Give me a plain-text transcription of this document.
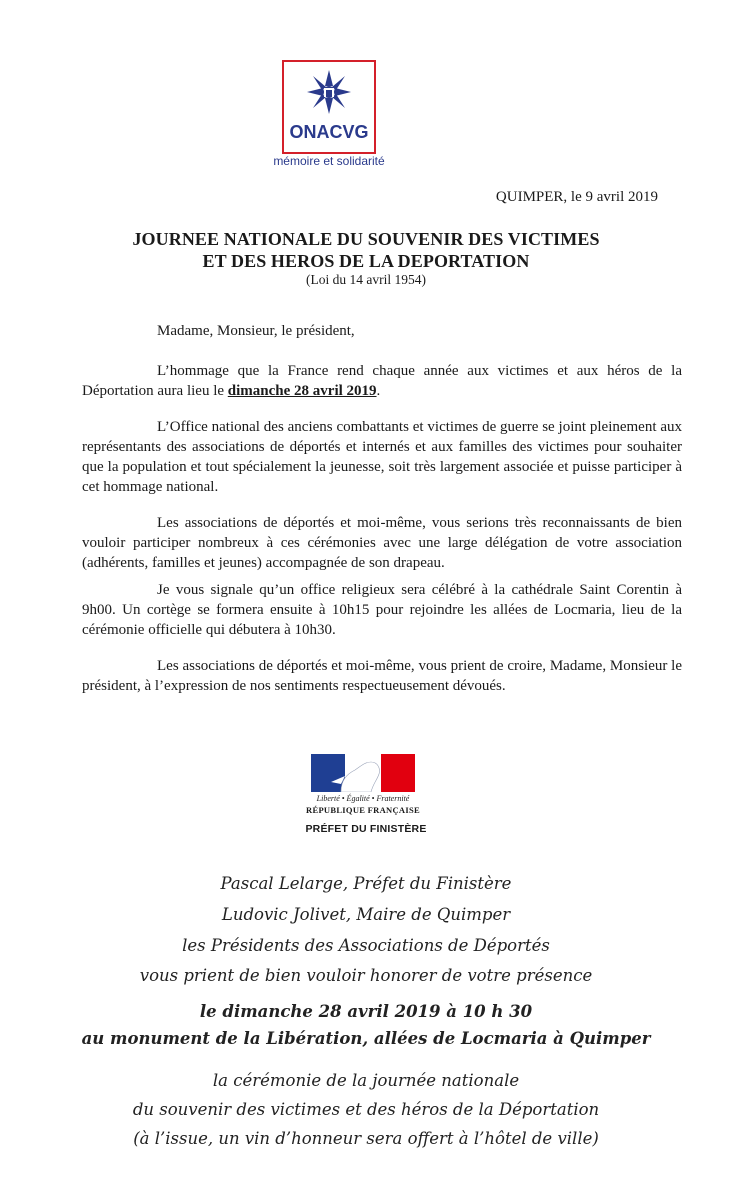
ONACVG
mémoire et solidarité
QUIMPER, le 9 avril 2019
JOURNEE NATIONALE DU SOUVENIR DES VICTIMES
ET DES HEROS DE LA DEPORTATION
(Loi du 14 avril 1954)
Madame, Monsieur, le président,
L’hommage que la France rend chaque année aux victimes et aux héros de la Déportation aura lieu le dimanche 28 avril 2019.
L’Office national des anciens combattants et victimes de guerre se joint pleinement aux représentants des associations de déportés et internés et aux familles des victimes pour souhaiter que la population et tout spécialement la jeunesse, soit très largement associée et puisse participer à cet hommage national.
Les associations de déportés et moi-même, vous serions très reconnaissants de bien vouloir participer nombreux à ces cérémonies avec une large délégation de votre association (adhérents, familles et jeunes) accompagnée de son drapeau.
Je vous signale qu’un office religieux sera célébré à la cathédrale Saint Corentin à 9h00. Un cortège se formera ensuite à 10h15 pour rejoindre les allées de Locmaria, lieu de la cérémonie officielle qui débutera à 10h30.
Les associations de déportés et moi-même, vous prient de croire, Madame, Monsieur le président, à l’expression de nos sentiments respectueusement dévoués.
Liberté • Égalité • Fraternité
RÉPUBLIQUE FRANÇAISE
PRÉFET DU FINISTÈRE
Pascal Lelarge, Préfet du Finistère
Ludovic Jolivet, Maire de Quimper
les Présidents des Associations de Déportés
vous prient de bien vouloir honorer de votre présence
le dimanche 28 avril 2019 à 10 h 30
au monument de la Libération, allées de Locmaria à Quimper
la cérémonie de la journée nationale
du souvenir des victimes et des héros de la Déportation
(à l’issue, un vin d’honneur sera offert à l’hôtel de ville)
